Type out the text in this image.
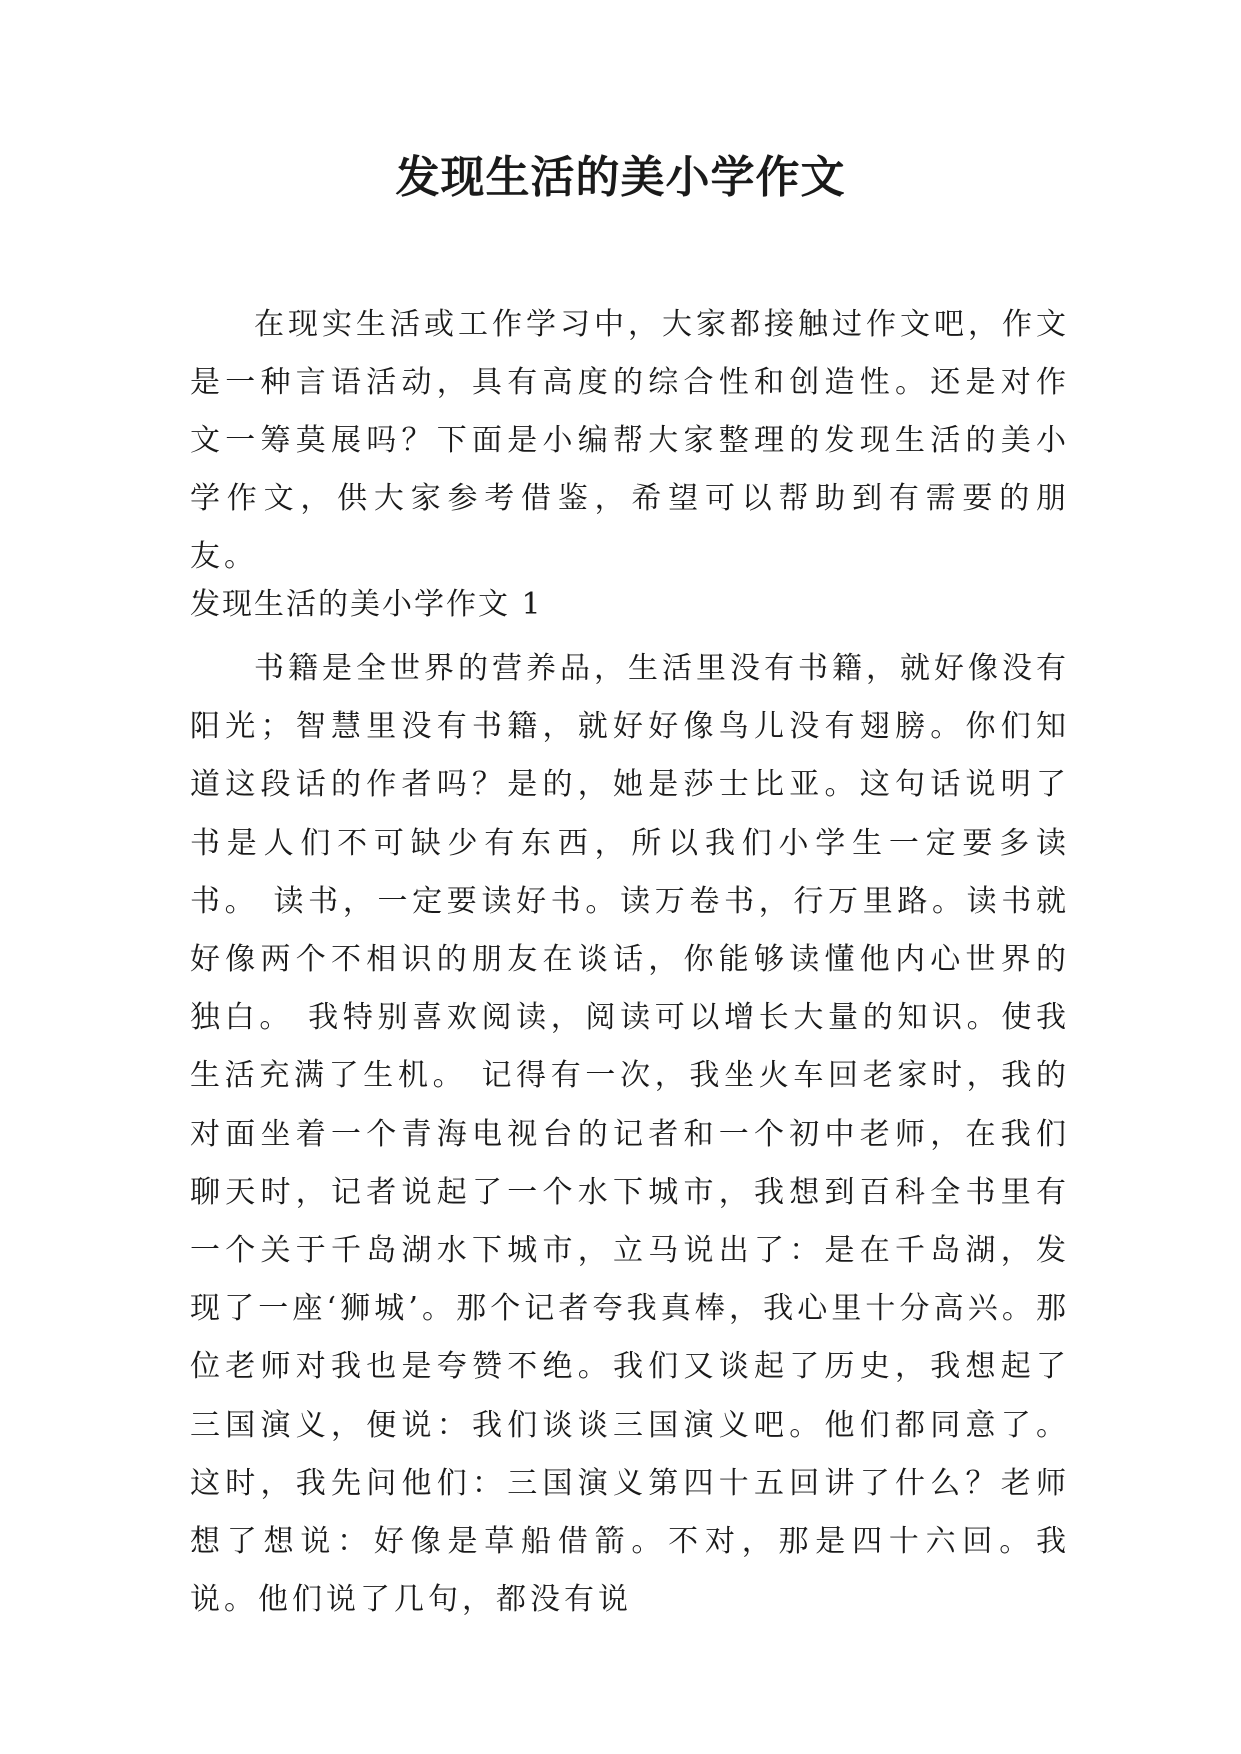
发现生活的美小学作文

在现实生活或工作学习中，大家都接触过作文吧，作文是一种言语活动，具有高度的综合性和创造性。还是对作文一筹莫展吗？下面是小编帮大家整理的发现生活的美小学作文，供大家参考借鉴，希望可以帮助到有需要的朋友。

发现生活的美小学作文 1

书籍是全世界的营养品，生活里没有书籍，就好像没有阳光；智慧里没有书籍，就好好像鸟儿没有翅膀。你们知道这段话的作者吗？是的，她是莎士比亚。这句话说明了书是人们不可缺少有东西，所以我们小学生一定要多读书。 读书，一定要读好书。读万卷书，行万里路。读书就好像两个不相识的朋友在谈话，你能够读懂他内心世界的独白。 我特别喜欢阅读，阅读可以增长大量的知识。使我生活充满了生机。 记得有一次，我坐火车回老家时，我的对面坐着一个青海电视台的记者和一个初中老师，在我们聊天时，记者说起了一个水下城市，我想到百科全书里有一个关于千岛湖水下城市，立马说出了：是在千岛湖，发现了一座‘狮城’。那个记者夸我真棒，我心里十分高兴。那位老师对我也是夸赞不绝。我们又谈起了历史，我想起了三国演义，便说：我们谈谈三国演义吧。他们都同意了。这时，我先问他们：三国演义第四十五回讲了什么？老师想了想说：好像是草船借箭。不对，那是四十六回。我说。他们说了几句，都没有说
